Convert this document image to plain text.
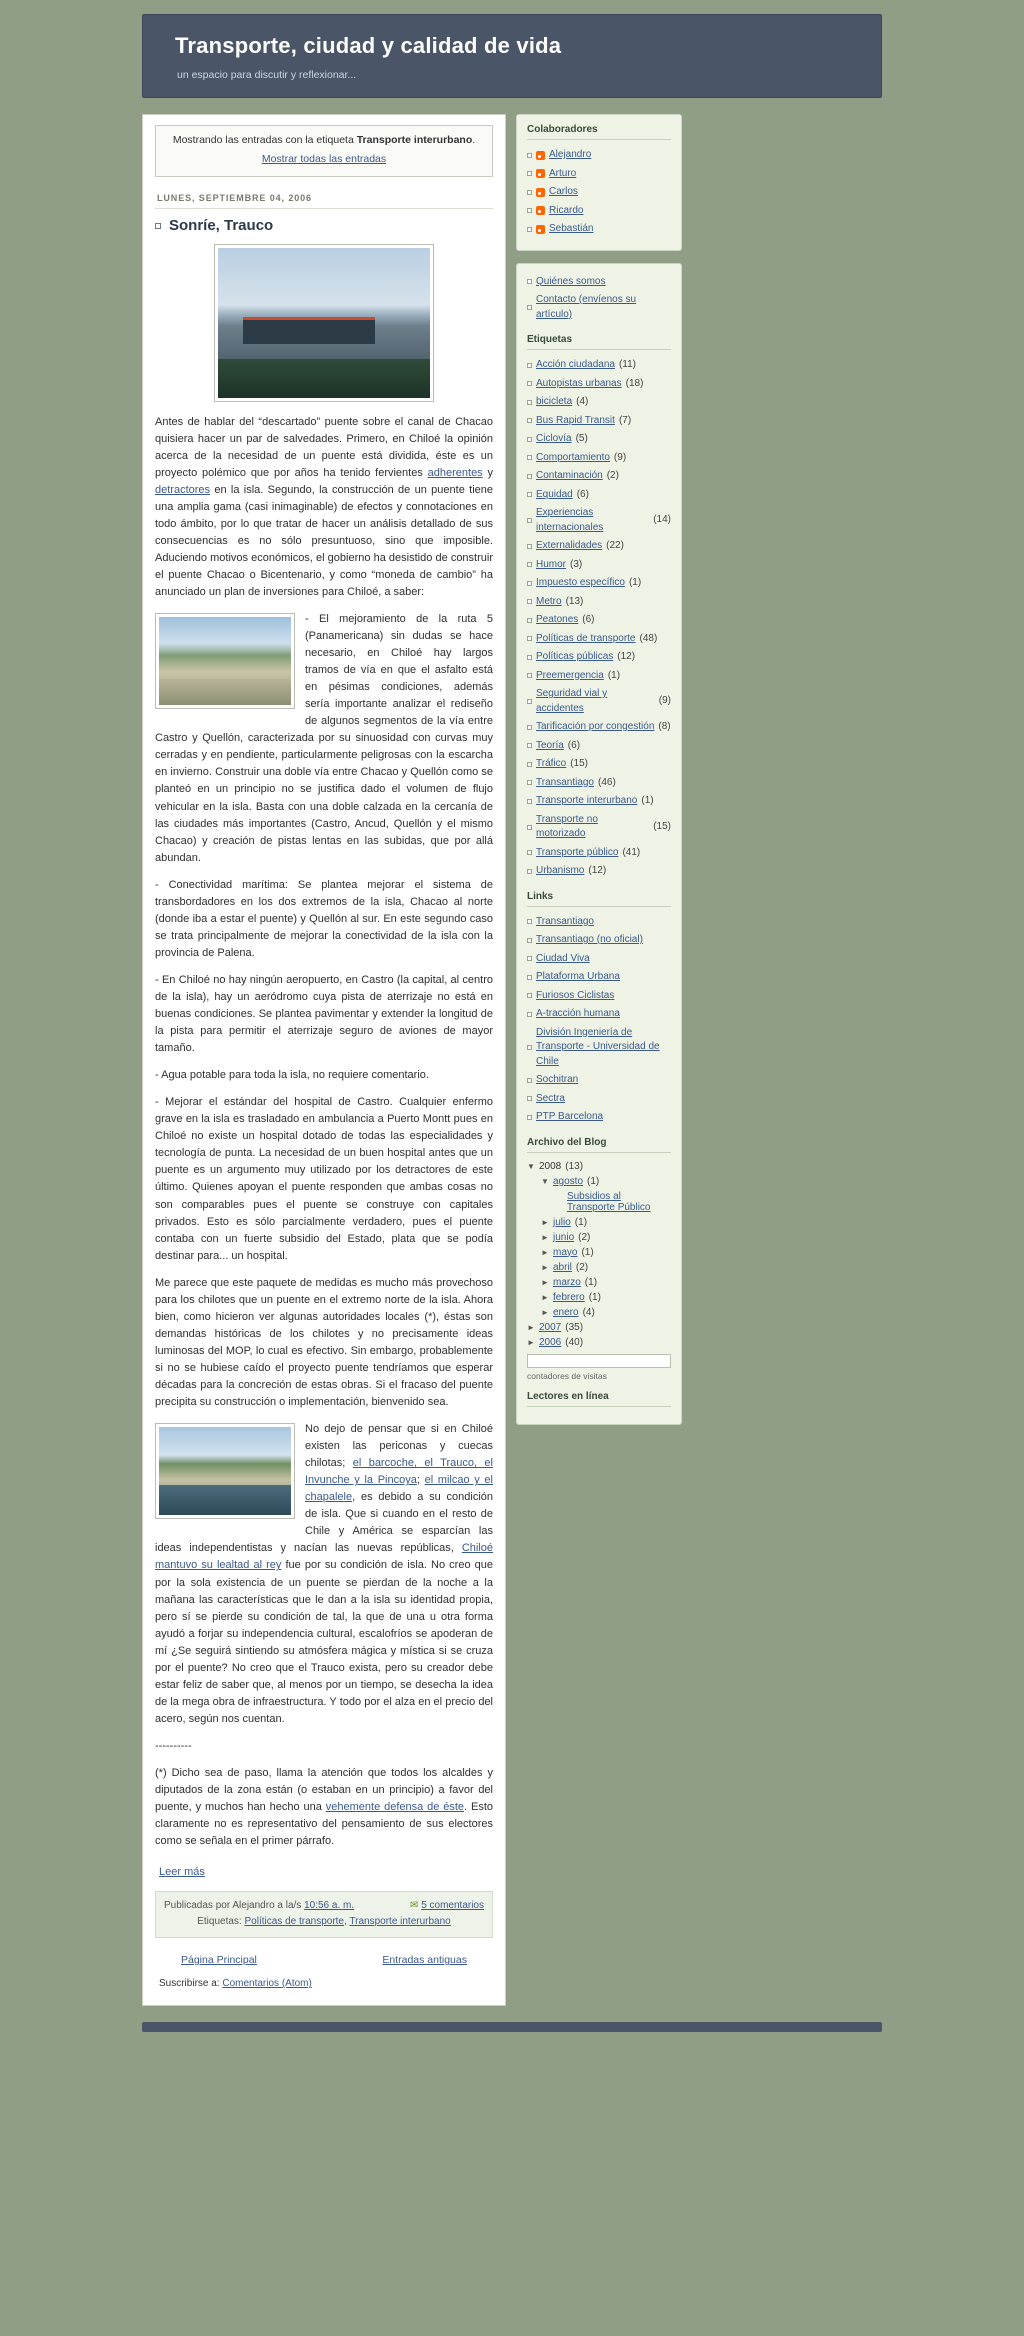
Transporte, ciudad y calidad de vida
un espacio para discutir y reflexionar...
Mostrando las entradas con la etiqueta Transporte interurbano.
Mostrar todas las entradas
LUNES, SEPTIEMBRE 04, 2006
Sonríe, Trauco

Antes de hablar del “descartado” puente sobre el canal de Chacao quisiera hacer un par de salvedades. Primero, en Chiloé la opinión acerca de la necesidad de un puente está dividida, éste es un proyecto polémico que por años ha tenido fervientes adherentes y detractores en la isla. Segundo, la construcción de un puente tiene una amplia gama (casi inimaginable) de efectos y connotaciones en todo ámbito, por lo que tratar de hacer un análisis detallado de sus consecuencias es no sólo presuntuoso, sino que imposible. Aduciendo motivos económicos, el gobierno ha desistido de construir el puente Chacao o Bicentenario, y como “moneda de cambio” ha anunciado un plan de inversiones para Chiloé, a saber:

- El mejoramiento de la ruta 5 (Panamericana) sin dudas se hace necesario, en Chiloé hay largos tramos de vía en que el asfalto está en pésimas condiciones, además sería importante analizar el rediseño de algunos segmentos de la vía entre Castro y Quellón, caracterizada por su sinuosidad con curvas muy cerradas y en pendiente, particularmente peligrosas con la escarcha en invierno. Construir una doble vía entre Chacao y Quellón como se planteó en un principio no se justifica dado el volumen de flujo vehicular en la isla. Basta con una doble calzada en la cercanía de las ciudades más importantes (Castro, Ancud, Quellón y el mismo Chacao) y creación de pistas lentas en las subidas, que por allá abundan.

- Conectividad marítima: Se plantea mejorar el sistema de transbordadores en los dos extremos de la isla, Chacao al norte (donde iba a estar el puente) y Quellón al sur. En este segundo caso se trata principalmente de mejorar la conectividad de la isla con la provincia de Palena.

- En Chiloé no hay ningún aeropuerto, en Castro (la capital, al centro de la isla), hay un aeródromo cuya pista de aterrizaje no está en buenas condiciones. Se plantea pavimentar y extender la longitud de la pista para permitir el aterrizaje seguro de aviones de mayor tamaño.

- Agua potable para toda la isla, no requiere comentario.

- Mejorar el estándar del hospital de Castro. Cualquier enfermo grave en la isla es trasladado en ambulancia a Puerto Montt pues en Chiloé no existe un hospital dotado de todas las especialidades y tecnología de punta. La necesidad de un buen hospital antes que un puente es un argumento muy utilizado por los detractores de este último. Quienes apoyan el puente responden que ambas cosas no son comparables pues el puente se construye con capitales privados. Esto es sólo parcialmente verdadero, pues el puente contaba con un fuerte subsidio del Estado, plata que se podía destinar para... un hospital.

Me parece que este paquete de medidas es mucho más provechoso para los chilotes que un puente en el extremo norte de la isla. Ahora bien, como hicieron ver algunas autoridades locales (*), éstas son demandas históricas de los chilotes y no precisamente ideas luminosas del MOP, lo cual es efectivo. Sin embargo, probablemente si no se hubiese caído el proyecto puente tendríamos que esperar décadas para la concreción de estas obras. Si el fracaso del puente precipita su construcción o implementación, bienvenido sea.

No dejo de pensar que si en Chiloé existen las periconas y cuecas chilotas; el barcoche, el Trauco, el Invunche y la Pincoya; el milcao y el chapalele, es debido a su condición de isla. Que si cuando en el resto de Chile y América se esparcían las ideas independentistas y nacían las nuevas repúblicas, Chiloé mantuvo su lealtad al rey fue por su condición de isla. No creo que por la sola existencia de un puente se pierdan de la noche a la mañana las características que le dan a la isla su identidad propia, pero sí se pierde su condición de tal, la que de una u otra forma ayudó a forjar su independencia cultural, escalofríos se apoderan de mí ¿Se seguirá sintiendo su atmósfera mágica y mística si se cruza por el puente? No creo que el Trauco exista, pero su creador debe estar feliz de saber que, al menos por un tiempo, se desecha la idea de la mega obra de infraestructura. Y todo por el alza en el precio del acero, según nos cuentan.

----------

(*) Dicho sea de paso, llama la atención que todos los alcaldes y diputados de la zona están (o estaban en un principio) a favor del puente, y muchos han hecho una vehemente defensa de éste. Esto claramente no es representativo del pensamiento de sus electores como se señala en el primer párrafo.

Leer más
Publicadas por Alejandro a la/s 10:56 a. m.	✉ 5 comentarios
Etiquetas: Políticas de transporte, Transporte interurbano
Página Principal	Entradas antiguas
Suscribirse a: Comentarios (Atom)
Colaboradores
Alejandro
Arturo
Carlos
Ricardo
Sebastián
Quiénes somos
Contacto (envíenos su artículo)
Etiquetas
Acción ciudadana (11)
Autopistas urbanas (18)
bicicleta (4)
Bus Rapid Transit (7)
Ciclovía (5)
Comportamiento (9)
Contaminación (2)
Equidad (6)
Experiencias internacionales
(14)
Externalidades (22)
Humor (3)
Impuesto específico (1)
Metro (13)
Peatones (6)
Políticas de transporte (48)
Políticas públicas (12)
Preemergencia (1)
Seguridad vial y accidentes
(9)
Tarificación por congestión (8)
Teoría (6)
Tráfico (15)
Transantiago (46)
Transporte interurbano (1)
Transporte no motorizado
(15)
Transporte público (41)
Urbanismo (12)
Links
Transantiago
Transantiago (no oficial)
Ciudad Viva
Plataforma Urbana
Furiosos Ciclistas
A-tracción humana
División Ingeniería de Transporte - Universidad de Chile
Sochitran
Sectra
PTP Barcelona
Archivo del Blog
▼ 2008 (13)
▼ agosto (1)
Subsidios al Transporte Público
► julio (1)
► junio (2)
► mayo (1)
► abril (2)
► marzo (1)
► febrero (1)
► enero (4)
► 2007 (35)
► 2006 (40)
contadores de visitas
Lectores en línea
